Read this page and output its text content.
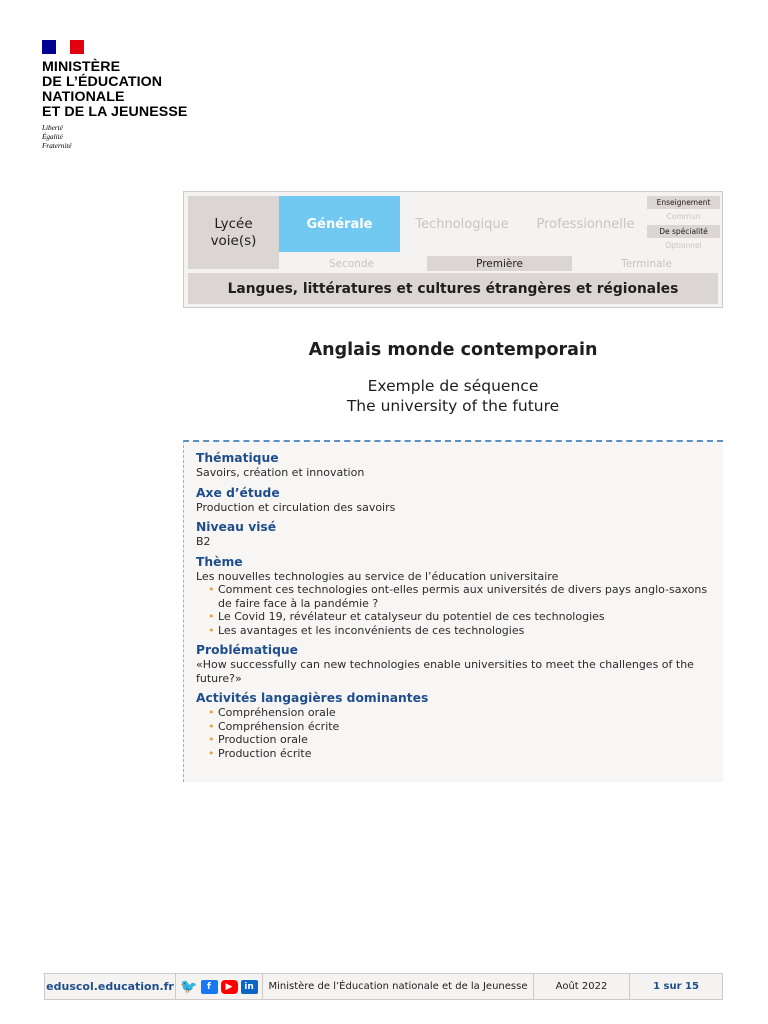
MINISTÈRE
DE L’ÉDUCATION
NATIONALE
ET DE LA JEUNESSE
Liberté
Égalité
Fraternité
Lycée
voie(s)
Générale	Technologique	Professionnelle
Enseignement
Commun
De spécialité
Optionnel
Seconde	Première	Terminale
Langues, littératures et cultures étrangères et régionales
Anglais monde contemporain
Exemple de séquence
The university of the future
Thématique
Savoirs, création et innovation
Axe d’étude
Production et circulation des savoirs
Niveau visé
B2
Thème
Les nouvelles technologies au service de l’éducation universitaire
• Comment ces technologies ont-elles permis aux universités de divers pays anglo-saxons de faire face à la pandémie ?
• Le Covid 19, révélateur et catalyseur du potentiel de ces technologies
• Les avantages et les inconvénients de ces technologies
Problématique
«How successfully can new technologies enable universities to meet the challenges of the future?»
Activités langagières dominantes
• Compréhension orale
• Compréhension écrite
• Production orale
• Production écrite
eduscol.education.fr 🐦	f	▶	in	Ministère de l’Éducation nationale et de la Jeunesse	Août 2022	1 sur 15
